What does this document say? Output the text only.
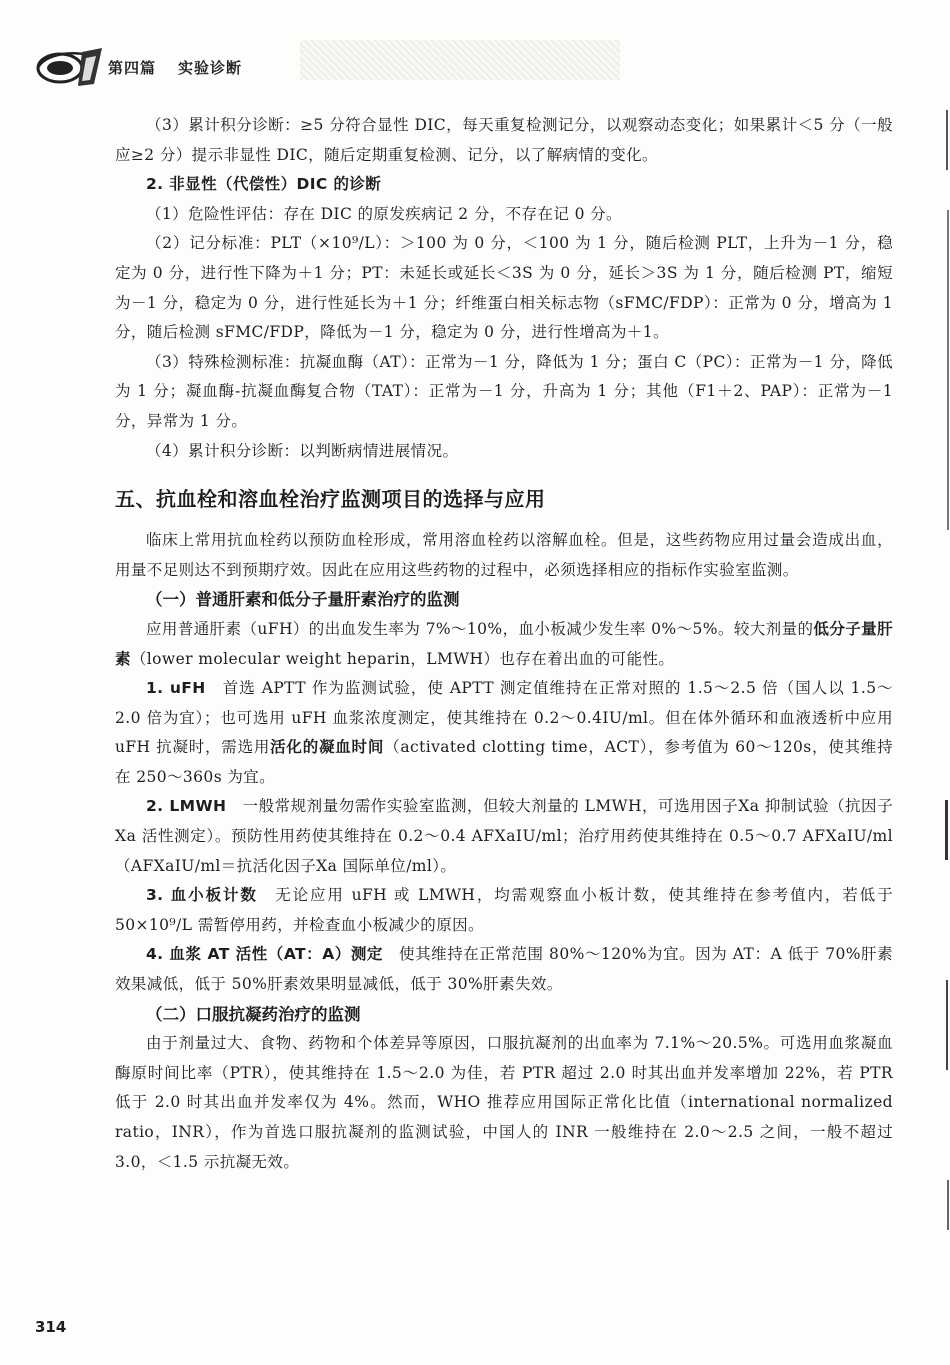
第四篇 实验诊断

（3）累计积分诊断：≥5 分符合显性 DIC，每天重复检测记分，以观察动态变化；如果累计＜5 分（一般应≥2 分）提示非显性 DIC，随后定期重复检测、记分，以了解病情的变化。

2. 非显性（代偿性）DIC 的诊断

（1）危险性评估：存在 DIC 的原发疾病记 2 分，不存在记 0 分。

（2）记分标准：PLT（×10⁹/L）：＞100 为 0 分，＜100 为 1 分，随后检测 PLT，上升为－1 分，稳定为 0 分，进行性下降为＋1 分；PT：未延长或延长＜3S 为 0 分，延长＞3S 为 1 分，随后检测 PT，缩短为－1 分，稳定为 0 分，进行性延长为＋1 分；纤维蛋白相关标志物（sFMC/FDP）：正常为 0 分，增高为 1 分，随后检测 sFMC/FDP，降低为－1 分，稳定为 0 分，进行性增高为＋1。

（3）特殊检测标准：抗凝血酶（AT）：正常为－1 分，降低为 1 分；蛋白 C（PC）：正常为－1 分，降低为 1 分；凝血酶-抗凝血酶复合物（TAT）：正常为－1 分，升高为 1 分；其他（F1＋2、PAP）：正常为－1 分，异常为 1 分。

（4）累计积分诊断：以判断病情进展情况。

五、抗血栓和溶血栓治疗监测项目的选择与应用

临床上常用抗血栓药以预防血栓形成，常用溶血栓药以溶解血栓。但是，这些药物应用过量会造成出血，用量不足则达不到预期疗效。因此在应用这些药物的过程中，必须选择相应的指标作实验室监测。

（一）普通肝素和低分子量肝素治疗的监测

应用普通肝素（uFH）的出血发生率为 7%～10%，血小板减少发生率 0%～5%。较大剂量的低分子量肝素（lower molecular weight heparin，LMWH）也存在着出血的可能性。

1. uFH　 首选 APTT 作为监测试验，使 APTT 测定值维持在正常对照的 1.5～2.5 倍（国人以 1.5～2.0 倍为宜）；也可选用 uFH 血浆浓度测定，使其维持在 0.2～0.4IU/ml。但在体外循环和血液透析中应用 uFH 抗凝时，需选用活化的凝血时间（activated clotting time，ACT），参考值为 60～120s，使其维持在 250～360s 为宜。

2. LMWH　 一般常规剂量勿需作实验室监测，但较大剂量的 LMWH，可选用因子Ⅹa 抑制试验（抗因子Ⅹa 活性测定）。预防性用药使其维持在 0.2～0.4 AFⅩaIU/ml；治疗用药使其维持在 0.5～0.7 AFⅩaIU/ml（AFⅩaIU/ml＝抗活化因子Ⅹa 国际单位/ml）。

3. 血小板计数　 无论应用 uFH 或 LMWH，均需观察血小板计数，使其维持在参考值内，若低于 50×10⁹/L 需暂停用药，并检查血小板减少的原因。

4. 血浆 AT 活性（AT：A）测定　 使其维持在正常范围 80%～120%为宜。因为 AT：A 低于 70%肝素效果减低，低于 50%肝素效果明显减低，低于 30%肝素失效。

（二）口服抗凝药治疗的监测

由于剂量过大、食物、药物和个体差异等原因，口服抗凝剂的出血率为 7.1%～20.5%。可选用血浆凝血酶原时间比率（PTR），使其维持在 1.5～2.0 为佳，若 PTR 超过 2.0 时其出血并发率增加 22%，若 PTR 低于 2.0 时其出血并发率仅为 4%。然而，WHO 推荐应用国际正常化比值（international normalized ratio，INR），作为首选口服抗凝剂的监测试验，中国人的 INR 一般维持在 2.0～2.5 之间，一般不超过 3.0，＜1.5 示抗凝无效。

314
